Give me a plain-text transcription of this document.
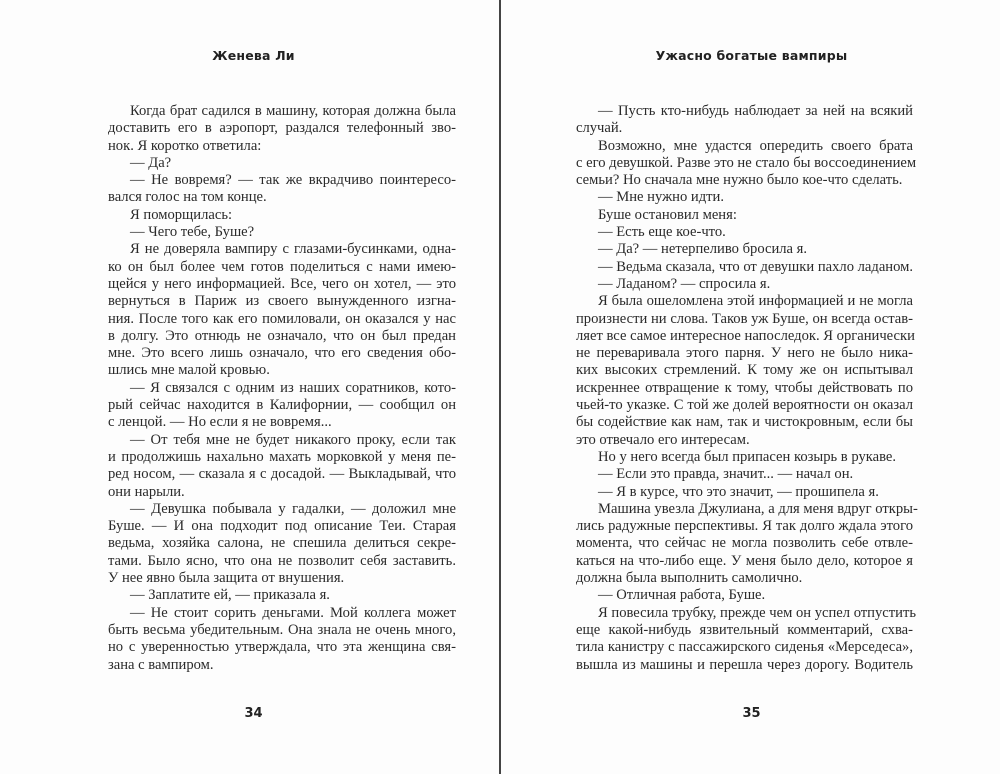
Женева Ли
Когда брат садился в машину, которая должна была
доставить его в аэропорт, раздался телефонный зво-
нок. Я коротко ответила:
— Да?
— Не вовремя? — так же вкрадчиво поинтересо-
вался голос на том конце.
Я поморщилась:
— Чего тебе, Буше?
Я не доверяла вампиру с глазами-бусинками, одна-
ко он был более чем готов поделиться с нами имею-
щейся у него информацией. Все, чего он хотел, — это
вернуться в Париж из своего вынужденного изгна-
ния. После того как его помиловали, он оказался у нас
в долгу. Это отнюдь не означало, что он был предан
мне. Это всего лишь означало, что его сведения обо-
шлись мне малой кровью.
— Я связался с одним из наших соратников, кото-
рый сейчас находится в Калифорнии, — сообщил он
с ленцой. — Но если я не вовремя...
— От тебя мне не будет никакого проку, если так
и продолжишь нахально махать морковкой у меня пе-
ред носом, — сказала я с досадой. — Выкладывай, что
они нарыли.
— Девушка побывала у гадалки, — доложил мне
Буше. — И она подходит под описание Теи. Старая
ведьма, хозяйка салона, не спешила делиться секре-
тами. Было ясно, что она не позволит себя заставить.
У нее явно была защита от внушения.
— Заплатите ей, — приказала я.
— Не стоит сорить деньгами. Мой коллега может
быть весьма убедительным. Она знала не очень много,
но с уверенностью утверждала, что эта женщина свя-
зана с вампиром.
34
Ужасно богатые вампиры
— Пусть кто-нибудь наблюдает за ней на всякий
случай.
Возможно, мне удастся опередить своего брата
с его девушкой. Разве это не стало бы воссоединением
семьи? Но сначала мне нужно было кое-что сделать.
— Мне нужно идти.
Буше остановил меня:
— Есть еще кое-что.
— Да? — нетерпеливо бросила я.
— Ведьма сказала, что от девушки пахло ладаном.
— Ладаном? — спросила я.
Я была ошеломлена этой информацией и не могла
произнести ни слова. Таков уж Буше, он всегда остав-
ляет все самое интересное напоследок. Я органически
не переваривала этого парня. У него не было ника-
ких высоких стремлений. К тому же он испытывал
искреннее отвращение к тому, чтобы действовать по
чьей-то указке. С той же долей вероятности он оказал
бы содействие как нам, так и чистокровным, если бы
это отвечало его интересам.
Но у него всегда был припасен козырь в рукаве.
— Если это правда, значит... — начал он.
— Я в курсе, что это значит, — прошипела я.
Машина увезла Джулиана, а для меня вдруг откры-
лись радужные перспективы. Я так долго ждала этого
момента, что сейчас не могла позволить себе отвле-
каться на что-либо еще. У меня было дело, которое я
должна была выполнить самолично.
— Отличная работа, Буше.
Я повесила трубку, прежде чем он успел отпустить
еще какой-нибудь язвительный комментарий, схва-
тила канистру с пассажирского сиденья «Мерседеса»,
вышла из машины и перешла через дорогу. Водитель
35
